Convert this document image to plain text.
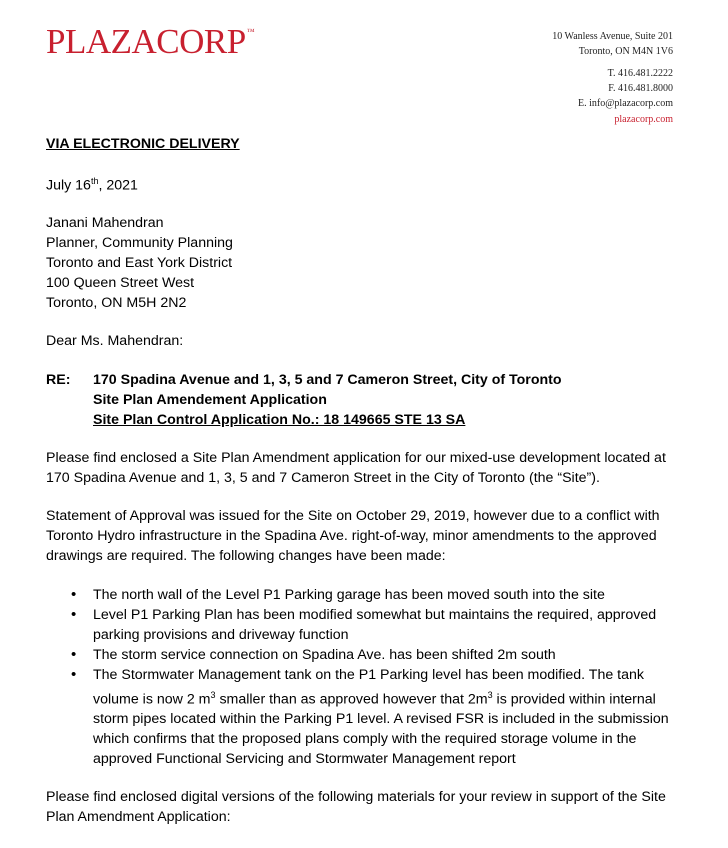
PLAZACORP™	10 Wanless Avenue, Suite 201
Toronto, ON M4N 1V6
T. 416.481.2222
F. 416.481.8000
E. info@plazacorp.com
plazacorp.com
VIA ELECTRONIC DELIVERY
July 16th, 2021
Janani Mahendran
Planner, Community Planning
Toronto and East York District
100 Queen Street West
Toronto, ON M5H 2N2
Dear Ms. Mahendran:
RE:	170 Spadina Avenue and 1, 3, 5 and 7 Cameron Street, City of Toronto
Site Plan Amendement Application
Site Plan Control Application No.: 18 149665 STE 13 SA
Please find enclosed a Site Plan Amendment application for our mixed-use development located at 170 Spadina Avenue and 1, 3, 5 and 7 Cameron Street in the City of Toronto (the “Site”).
Statement of Approval was issued for the Site on October 29, 2019, however due to a conflict with Toronto Hydro infrastructure in the Spadina Ave. right-of-way, minor amendments to the approved drawings are required. The following changes have been made:
• The north wall of the Level P1 Parking garage has been moved south into the site
• Level P1 Parking Plan has been modified somewhat but maintains the required, approved parking provisions and driveway function
• The storm service connection on Spadina Ave. has been shifted 2m south
• The Stormwater Management tank on the P1 Parking level has been modified. The tank volume is now 2 $m^3$ smaller than as approved however that $2m^3$ is provided within internal storm pipes located within the Parking P1 level. A revised FSR is included in the submission which confirms that the proposed plans comply with the required storage volume in the approved Functional Servicing and Stormwater Management report
Please find enclosed digital versions of the following materials for your review in support of the Site Plan Amendment Application:
